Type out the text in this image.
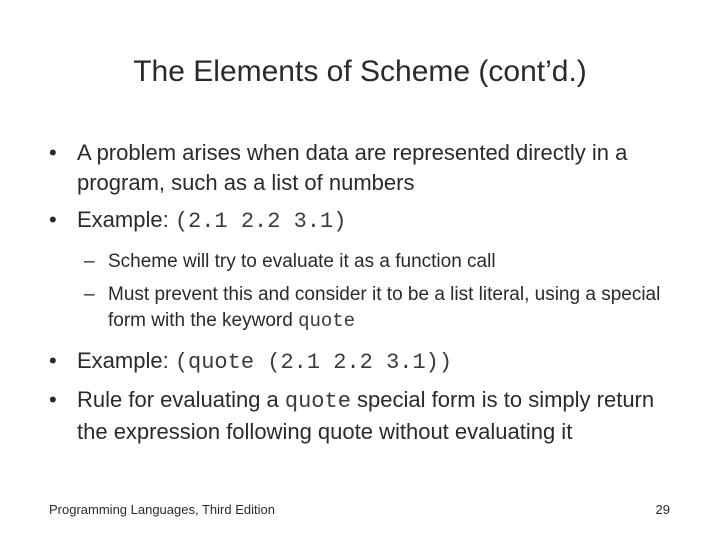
The Elements of Scheme (cont’d.)
• A problem arises when data are represented directly in a program, such as a list of numbers
• Example: (2.1 2.2 3.1)
– Scheme will try to evaluate it as a function call
– Must prevent this and consider it to be a list literal, using a special form with the keyword quote
• Example: (quote (2.1 2.2 3.1))
• Rule for evaluating a quote special form is to simply return the expression following quote without evaluating it
Programming Languages, Third Edition	29
